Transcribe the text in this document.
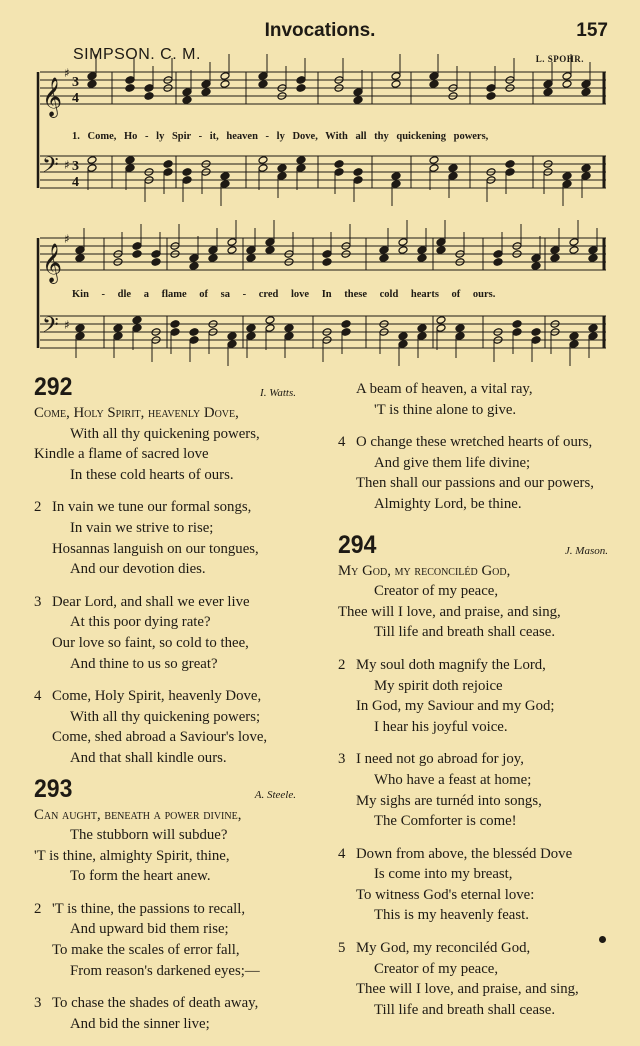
Invocations.	157
SIMPSON. C. M.	L. SPOHR.
𝄞
♯
𝄢 ♯
3
4
3
4
𝄞
♯
𝄢 ♯
1. Come, Ho - ly Spir - it, heaven - ly Dove, With all thy quickening powers,
Kin - dle a flame of sa - cred love In these cold hearts of ours.
292	I. Watts.
Come, Holy Spirit, heavenly Dove,
With all thy quickening powers,
Kindle a flame of sacred love
In these cold hearts of ours.
2 In vain we tune our formal songs,
In vain we strive to rise;
Hosannas languish on our tongues,
And our devotion dies.
3 Dear Lord, and shall we ever live
At this poor dying rate?
Our love so faint, so cold to thee,
And thine to us so great?
4 Come, Holy Spirit, heavenly Dove,
With all thy quickening powers;
Come, shed abroad a Saviour's love,
And that shall kindle ours.
293	A. Steele.
Can aught, beneath a power divine,
The stubborn will subdue?
'T is thine, almighty Spirit, thine,
To form the heart anew.
2 'T is thine, the passions to recall,
And upward bid them rise;
To make the scales of error fall,
From reason's darkened eyes;—
3 To chase the shades of death away,
And bid the sinner live;
A beam of heaven, a vital ray,
'T is thine alone to give.
4 O change these wretched hearts of ours,
And give them life divine;
Then shall our passions and our powers,
Almighty Lord, be thine.
294	J. Mason.
My God, my reconciléd God,
Creator of my peace,
Thee will I love, and praise, and sing,
Till life and breath shall cease.
2 My soul doth magnify the Lord,
My spirit doth rejoice
In God, my Saviour and my God;
I hear his joyful voice.
3 I need not go abroad for joy,
Who have a feast at home;
My sighs are turnéd into songs,
The Comforter is come!
4 Down from above, the blesséd Dove
Is come into my breast,
To witness God's eternal love:
This is my heavenly feast.
5 My God, my reconciléd God,
Creator of my peace,
Thee will I love, and praise, and sing,
Till life and breath shall cease.
